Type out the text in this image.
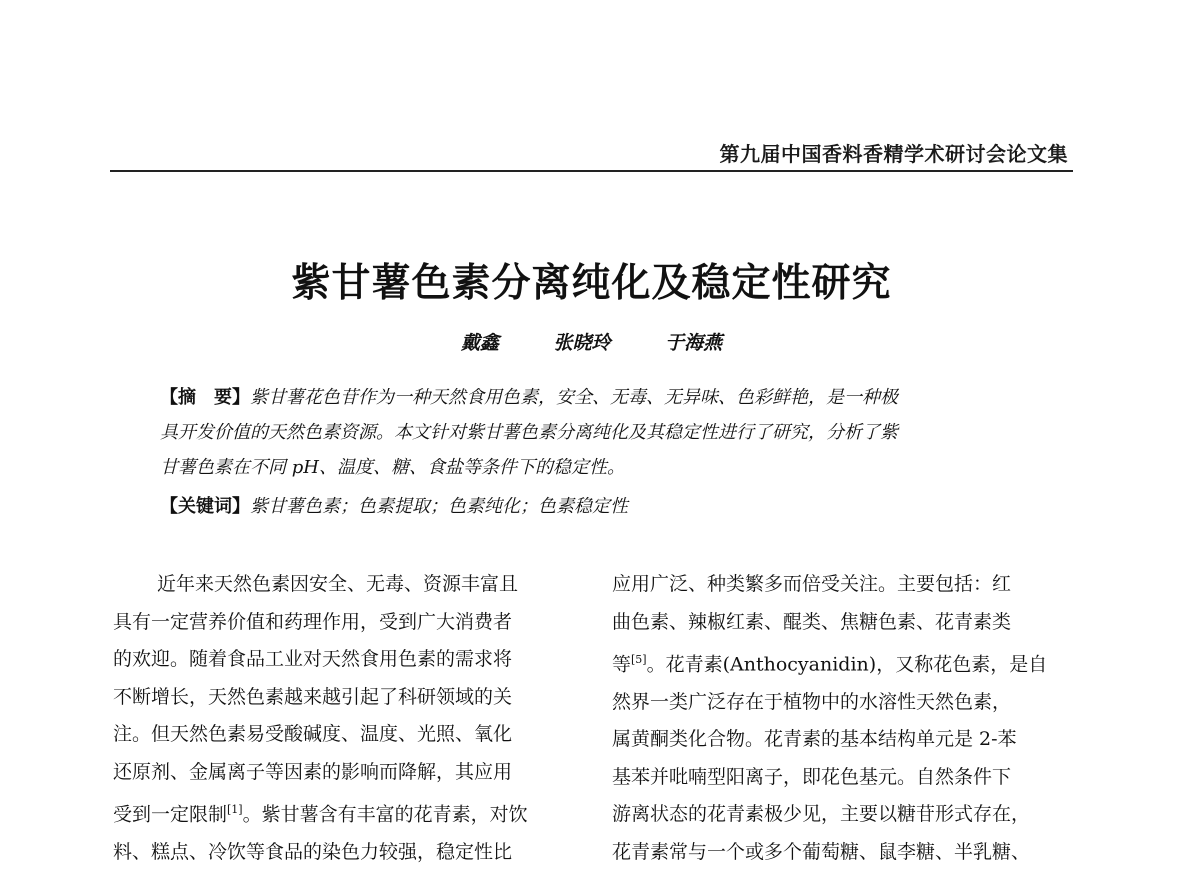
第九届中国香料香精学术研讨会论文集
紫甘薯色素分离纯化及稳定性研究
戴鑫	张晓玲	于海燕
【摘　要】紫甘薯花色苷作为一种天然食用色素，安全、无毒、无异味、色彩鲜艳，是一种极
具开发价值的天然色素资源。本文针对紫甘薯色素分离纯化及其稳定性进行了研究，分析了紫
甘薯色素在不同 pH、温度、糖、食盐等条件下的稳定性。
【关键词】紫甘薯色素；色素提取；色素纯化；色素稳定性

近年来天然色素因安全、无毒、资源丰富且

具有一定营养价值和药理作用，受到广大消费者

的欢迎。随着食品工业对天然食用色素的需求将

不断增长，天然色素越来越引起了科研领域的关

注。但天然色素易受酸碱度、温度、光照、氧化

还原剂、金属离子等因素的影响而降解，其应用

受到一定限制[1]。紫甘薯含有丰富的花青素，对饮

料、糕点、冷饮等食品的染色力较强，稳定性比

应用广泛、种类繁多而倍受关注。主要包括：红

曲色素、辣椒红素、醌类、焦糖色素、花青素类

等[5]。花青素(Anthocyanidin)，又称花色素，是自

然界一类广泛存在于植物中的水溶性天然色素，

属黄酮类化合物。花青素的基本结构单元是 2-苯

基苯并吡喃型阳离子，即花色基元。自然条件下

游离状态的花青素极少见，主要以糖苷形式存在，

花青素常与一个或多个葡萄糖、鼠李糖、半乳糖、
